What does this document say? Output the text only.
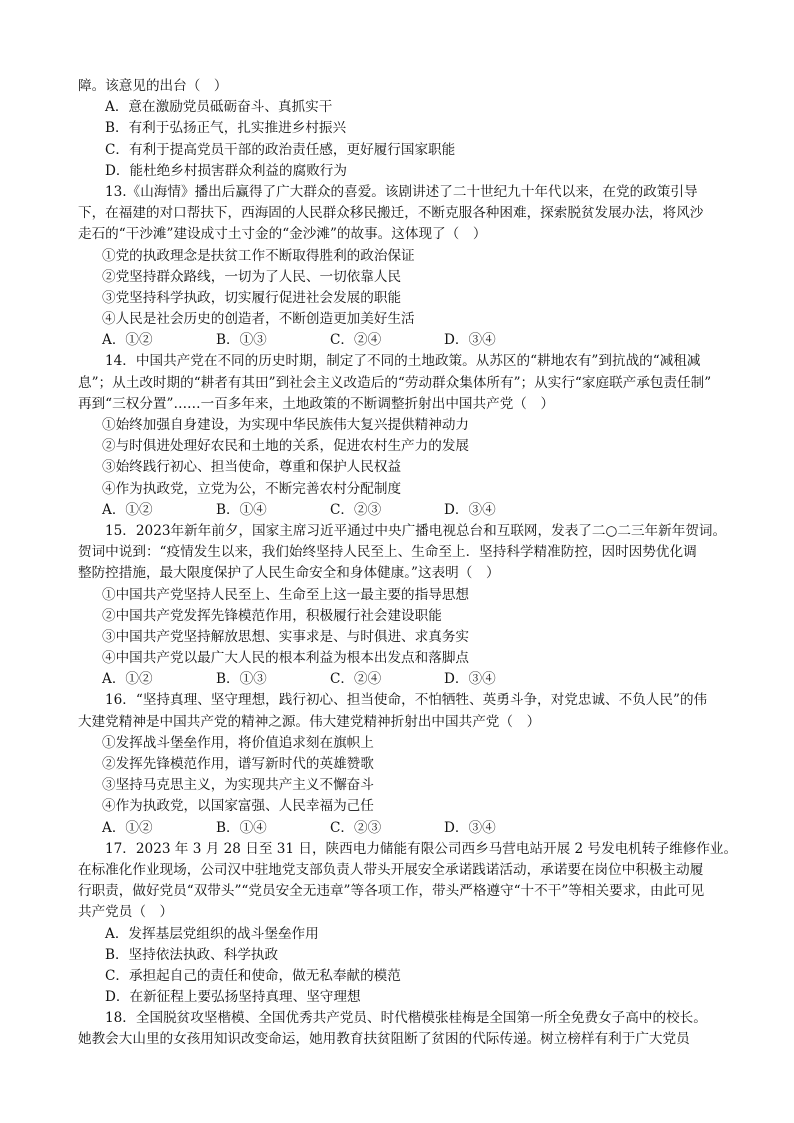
障。该意见的出台（　）
A．意在激励党员砥砺奋斗、真抓实干
B．有利于弘扬正气，扎实推进乡村振兴
C．有利于提高党员干部的政治责任感，更好履行国家职能
D．能杜绝乡村损害群众利益的腐败行为
13.《山海情》播出后赢得了广大群众的喜爱。该剧讲述了二十世纪九十年代以来，在党的政策引导
下，在福建的对口帮扶下，西海固的人民群众移民搬迁，不断克服各种困难，探索脱贫发展办法，将风沙
走石的“干沙滩”建设成寸土寸金的“金沙滩”的故事。这体现了（　）
①党的执政理念是扶贫工作不断取得胜利的政治保证
②党坚持群众路线，一切为了人民、一切依靠人民
③党坚持科学执政，切实履行促进社会发展的职能
④人民是社会历史的创造者，不断创造更加美好生活
A．①②	B．①③	C．②④	D．③④
14．中国共产党在不同的历史时期，制定了不同的土地政策。从苏区的“耕地农有”到抗战的“减租减
息”；从土改时期的“耕者有其田”到社会主义改造后的“劳动群众集体所有”；从实行“家庭联产承包责任制”
再到“三权分置”……一百多年来，土地政策的不断调整折射出中国共产党（　）
①始终加强自身建设，为实现中华民族伟大复兴提供精神动力
②与时俱进处理好农民和土地的关系，促进农村生产力的发展
③始终践行初心、担当使命，尊重和保护人民权益
④作为执政党，立党为公，不断完善农村分配制度
A．①②	B．①④	C．②③	D．③④
15．2023年新年前夕，国家主席习近平通过中央广播电视总台和互联网，发表了二○二三年新年贺词。
贺词中说到：“疫情发生以来，我们始终坚持人民至上、生命至上．坚持科学精准防控，因时因势优化调
整防控措施，最大限度保护了人民生命安全和身体健康。”这表明（　）
①中国共产党坚持人民至上、生命至上这一最主要的指导思想
②中国共产党发挥先锋模范作用，积极履行社会建设职能
③中国共产党坚持解放思想、实事求是、与时俱进、求真务实
④中国共产党以最广大人民的根本利益为根本出发点和落脚点
A．①②	B．①③	C．②④	D．③④
16．“坚持真理、坚守理想，践行初心、担当使命，不怕牺牲、英勇斗争，对党忠诚、不负人民”的伟
大建党精神是中国共产党的精神之源。伟大建党精神折射出中国共产党（　）
①发挥战斗堡垒作用，将价值追求刻在旗帜上
②发挥先锋模范作用，谱写新时代的英雄赞歌
③坚持马克思主义，为实现共产主义不懈奋斗
④作为执政党，以国家富强、人民幸福为己任
A．①②	B．①④	C．②③	D．③④
17．2023 年 3 月 28 日至 31 日，陕西电力储能有限公司西乡马营电站开展 2 号发电机转子维修作业。
在标准化作业现场，公司汉中驻地党支部负责人带头开展安全承诺践诺活动，承诺要在岗位中积极主动履
行职责，做好党员“双带头”“党员安全无违章”等各项工作，带头严格遵守“十不干”等相关要求，由此可见
共产党员（　）
A．发挥基层党组织的战斗堡垒作用
B．坚持依法执政、科学执政
C．承担起自己的责任和使命，做无私奉献的模范
D．在新征程上要弘扬坚持真理、坚守理想
18．全国脱贫攻坚楷模、全国优秀共产党员、时代楷模张桂梅是全国第一所全免费女子高中的校长。
她教会大山里的女孩用知识改变命运，她用教育扶贫阻断了贫困的代际传递。树立榜样有利于广大党员
